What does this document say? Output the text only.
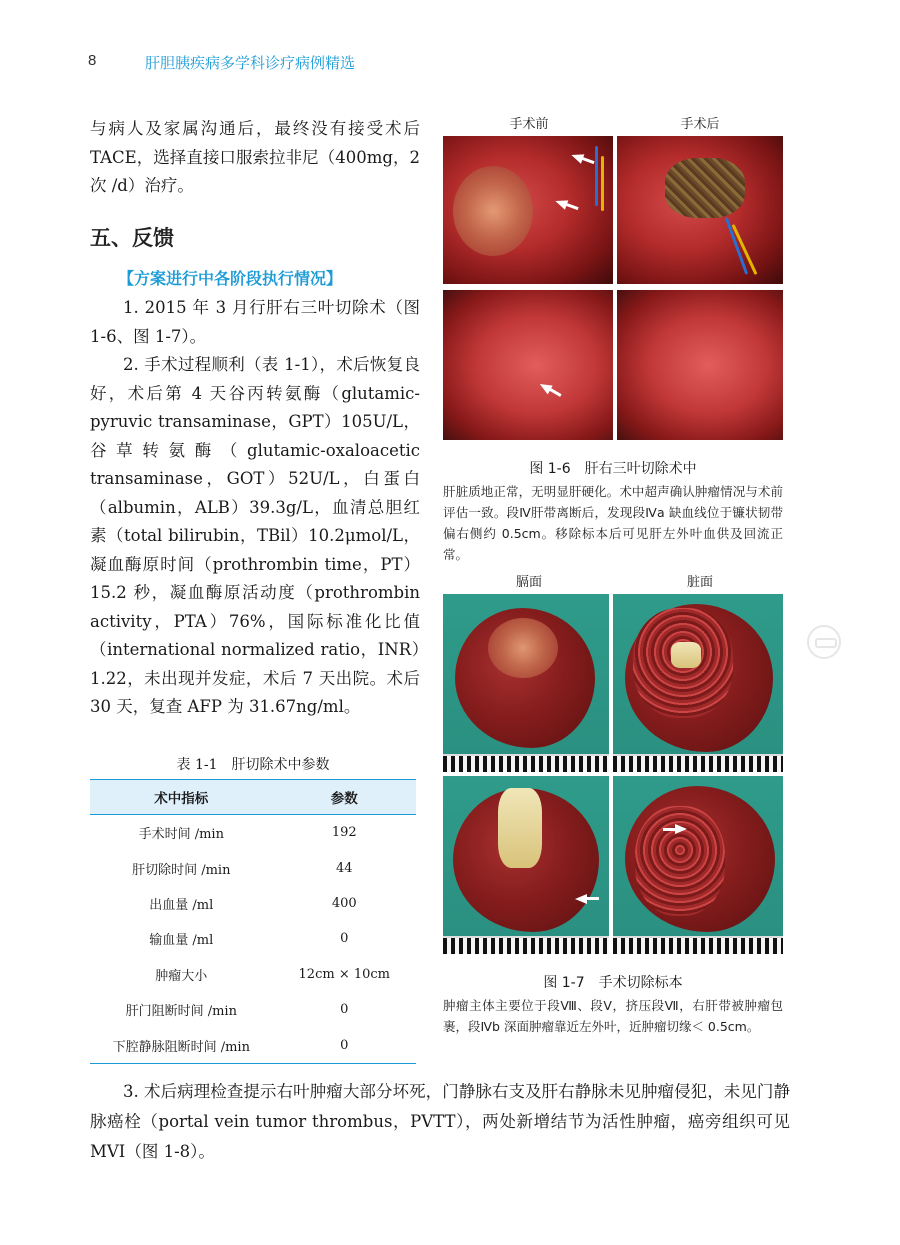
8	肝胆胰疾病多学科诊疗病例精选

与病人及家属沟通后，最终没有接受术后 TACE，选择直接口服索拉非尼（400mg，2 次 /d）治疗。

五、反馈
【方案进行中各阶段执行情况】

1. 2015 年 3 月行肝右三叶切除术（图 1-6、图 1-7）。

2. 手术过程顺利（表 1-1），术后恢复良好，术后第 4 天谷丙转氨酶（glutamic-pyruvic transaminase，GPT）105U/L，谷草转氨酶（glutamic-oxaloacetic transaminase，GOT）52U/L，白蛋白（albumin，ALB）39.3g/L，血清总胆红素（total bilirubin，TBil）10.2μmol/L，凝血酶原时间（prothrombin time，PT）15.2 秒，凝血酶原活动度（prothrombin activity，PTA）76%，国际标准化比值（international normalized ratio，INR）1.22，未出现并发症，术后 7 天出院。术后 30 天，复查 AFP 为 31.67ng/ml。

表 1-1　肝切除术中参数
术中指标	参数
手术时间 /min	192
肝切除时间 /min	44
出血量 /ml	400
输血量 /ml	0
肿瘤大小	12cm × 10cm
肝门阻断时间 /min	0
下腔静脉阻断时间 /min	0
手术前	手术后
图 1-6　肝右三叶切除术中
肝脏质地正常，无明显肝硬化。术中超声确认肿瘤情况与术前评估一致。段Ⅳ肝带离断后，发现段Ⅳa 缺血线位于镰状韧带偏右侧约 0.5cm。移除标本后可见肝左外叶血供及回流正常。
膈面	脏面
图 1-7　手术切除标本
肿瘤主体主要位于段Ⅷ、段Ⅴ，挤压段Ⅶ，右肝带被肿瘤包裹，段Ⅳb 深面肿瘤靠近左外叶，近肿瘤切缘＜ 0.5cm。

3. 术后病理检查提示右叶肿瘤大部分坏死，门静脉右支及肝右静脉未见肿瘤侵犯，未见门静脉癌栓（portal vein tumor thrombus，PVTT），两处新增结节为活性肿瘤，癌旁组织可见 MVI（图 1-8）。
